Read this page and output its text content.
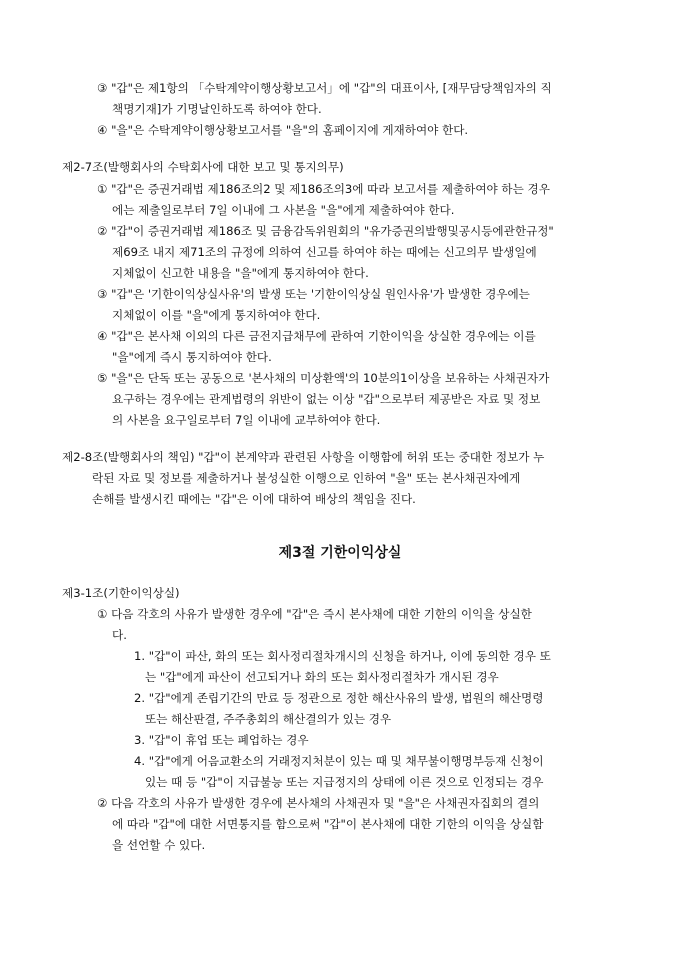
③ "갑"은 제1항의 「수탁계약이행상황보고서」에 "갑"의 대표이사, [재무담당책임자의 직
책명기재]가 기명날인하도록 하여야 한다.
④ "을"은 수탁계약이행상황보고서를 "을"의 홈페이지에 게재하여야 한다.
제2-7조(발행회사의 수탁회사에 대한 보고 및 통지의무)
① "갑"은 증권거래법 제186조의2 및 제186조의3에 따라 보고서를 제출하여야 하는 경우
에는 제출일로부터 7일 이내에 그 사본을 "을"에게 제출하여야 한다.
② "갑"이 증권거래법 제186조 및 금융감독위원회의 "유가증권의발행및공시등에관한규정"
제69조 내지 제71조의 규정에 의하여 신고를 하여야 하는 때에는 신고의무 발생일에
지체없이 신고한 내용을 "을"에게 통지하여야 한다.
③ "갑"은 '기한이익상실사유'의 발생 또는 '기한이익상실 원인사유'가 발생한 경우에는
지체없이 이를 "을"에게 통지하여야 한다.
④ "갑"은 본사채 이외의 다른 금전지급채무에 관하여 기한이익을 상실한 경우에는 이를
"을"에게 즉시 통지하여야 한다.
⑤ "을"은 단독 또는 공동으로 '본사채의 미상환액'의 10분의1이상을 보유하는 사채권자가
요구하는 경우에는 관계법령의 위반이 없는 이상 "갑"으로부터 제공받은 자료 및 정보
의 사본을 요구일로부터 7일 이내에 교부하여야 한다.
제2-8조(발행회사의 책임) "갑"이 본계약과 관련된 사항을 이행함에 허위 또는 중대한 정보가 누
락된 자료 및 정보를 제출하거나 불성실한 이행으로 인하여 "을" 또는 본사채권자에게
손해를 발생시킨 때에는 "갑"은 이에 대하여 배상의 책임을 진다.
제3절 기한이익상실
제3-1조(기한이익상실)
① 다음 각호의 사유가 발생한 경우에 "갑"은 즉시 본사채에 대한 기한의 이익을 상실한
다.
1. "갑"이 파산, 화의 또는 회사정리절차개시의 신청을 하거나, 이에 동의한 경우 또
는 "갑"에게 파산이 선고되거나 화의 또는 회사정리절차가 개시된 경우
2. "갑"에게 존립기간의 만료 등 정관으로 정한 해산사유의 발생, 법원의 해산명령
또는 해산판결, 주주총회의 해산결의가 있는 경우
3. "갑"이 휴업 또는 폐업하는 경우
4. "갑"에게 어음교환소의 거래정지처분이 있는 때 및 채무불이행명부등재 신청이
있는 때 등 "갑"이 지급불능 또는 지급정지의 상태에 이른 것으로 인정되는 경우
② 다음 각호의 사유가 발생한 경우에 본사채의 사채권자 및 "을"은 사채권자집회의 결의
에 따라 "갑"에 대한 서면통지를 함으로써 "갑"이 본사채에 대한 기한의 이익을 상실함
을 선언할 수 있다.
